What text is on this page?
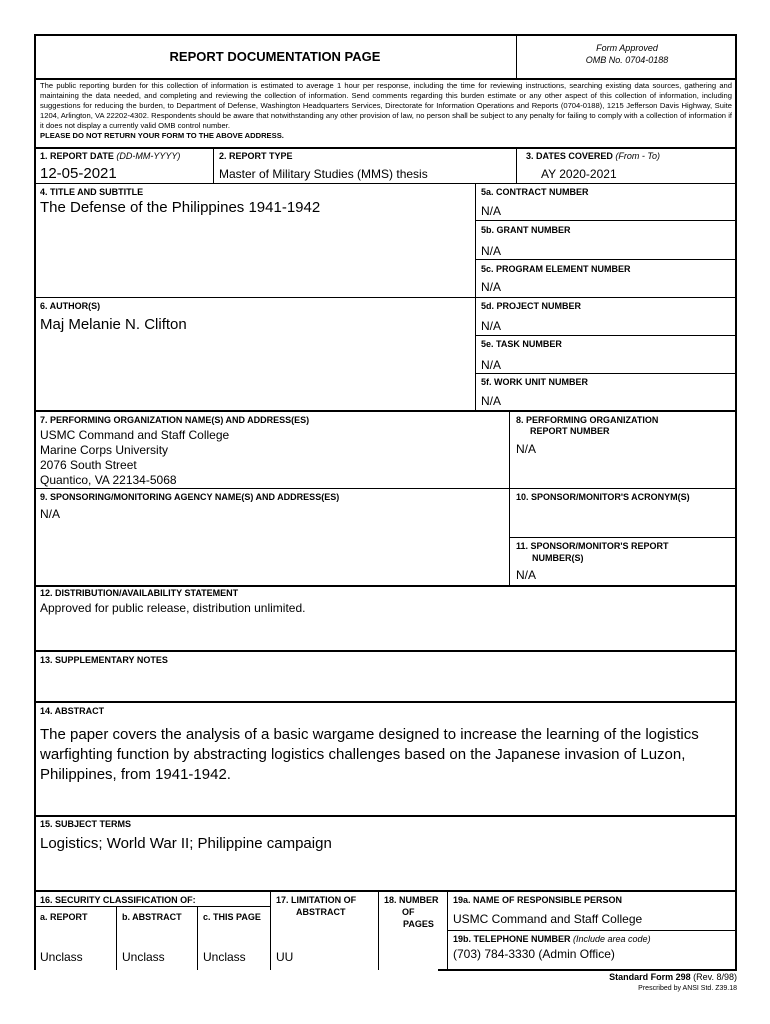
REPORT DOCUMENTATION PAGE
Form Approved
OMB No. 0704-0188
The public reporting burden for this collection of information is estimated to average 1 hour per response, including the time for reviewing instructions, searching existing data sources, gathering and maintaining the data needed, and completing and reviewing the collection of information. Send comments regarding this burden estimate or any other aspect of this collection of information, including suggestions for reducing the burden, to Department of Defense, Washington Headquarters Services, Directorate for Information Operations and Reports (0704-0188), 1215 Jefferson Davis Highway, Suite 1204, Arlington, VA 22202-4302. Respondents should be aware that notwithstanding any other provision of law, no person shall be subject to any penalty for failing to comply with a collection of information if it does not display a currently valid OMB control number.
PLEASE DO NOT RETURN YOUR FORM TO THE ABOVE ADDRESS.
1. REPORT DATE (DD-MM-YYYY)
12-05-2021
2. REPORT TYPE
Master of Military Studies (MMS) thesis
3. DATES COVERED (From - To)
AY 2020-2021
4. TITLE AND SUBTITLE
The Defense of the Philippines 1941-1942
5a. CONTRACT NUMBER
N/A
5b. GRANT NUMBER
N/A
5c. PROGRAM ELEMENT NUMBER
N/A
6. AUTHOR(S)
Maj Melanie N. Clifton
5d. PROJECT NUMBER
N/A
5e. TASK NUMBER
N/A
5f. WORK UNIT NUMBER
N/A
7. PERFORMING ORGANIZATION NAME(S) AND ADDRESS(ES)
USMC Command and Staff College
Marine Corps University
2076 South Street
Quantico, VA 22134-5068
8. PERFORMING ORGANIZATION
REPORT NUMBER
N/A
9. SPONSORING/MONITORING AGENCY NAME(S) AND ADDRESS(ES)
N/A
10. SPONSOR/MONITOR'S ACRONYM(S)
11. SPONSOR/MONITOR'S REPORT
NUMBER(S)
N/A
12. DISTRIBUTION/AVAILABILITY STATEMENT
Approved for public release, distribution unlimited.
13. SUPPLEMENTARY NOTES
14. ABSTRACT
The paper covers the analysis of a basic wargame designed to increase the learning of the logistics warfighting function by abstracting logistics challenges based on the Japanese invasion of Luzon, Philippines, from 1941-1942.
15. SUBJECT TERMS
Logistics; World War II; Philippine campaign
16. SECURITY CLASSIFICATION OF:
a. REPORT	b. ABSTRACT c. THIS PAGE
Unclass	Unclass	Unclass
17. LIMITATION OF
ABSTRACT
UU
18. NUMBER
OF
PAGES
19a. NAME OF RESPONSIBLE PERSON
USMC Command and Staff College
19b. TELEPHONE NUMBER (Include area code)
(703) 784-3330 (Admin Office)
Standard Form 298 (Rev. 8/98)
Prescribed by ANSI Std. Z39.18
